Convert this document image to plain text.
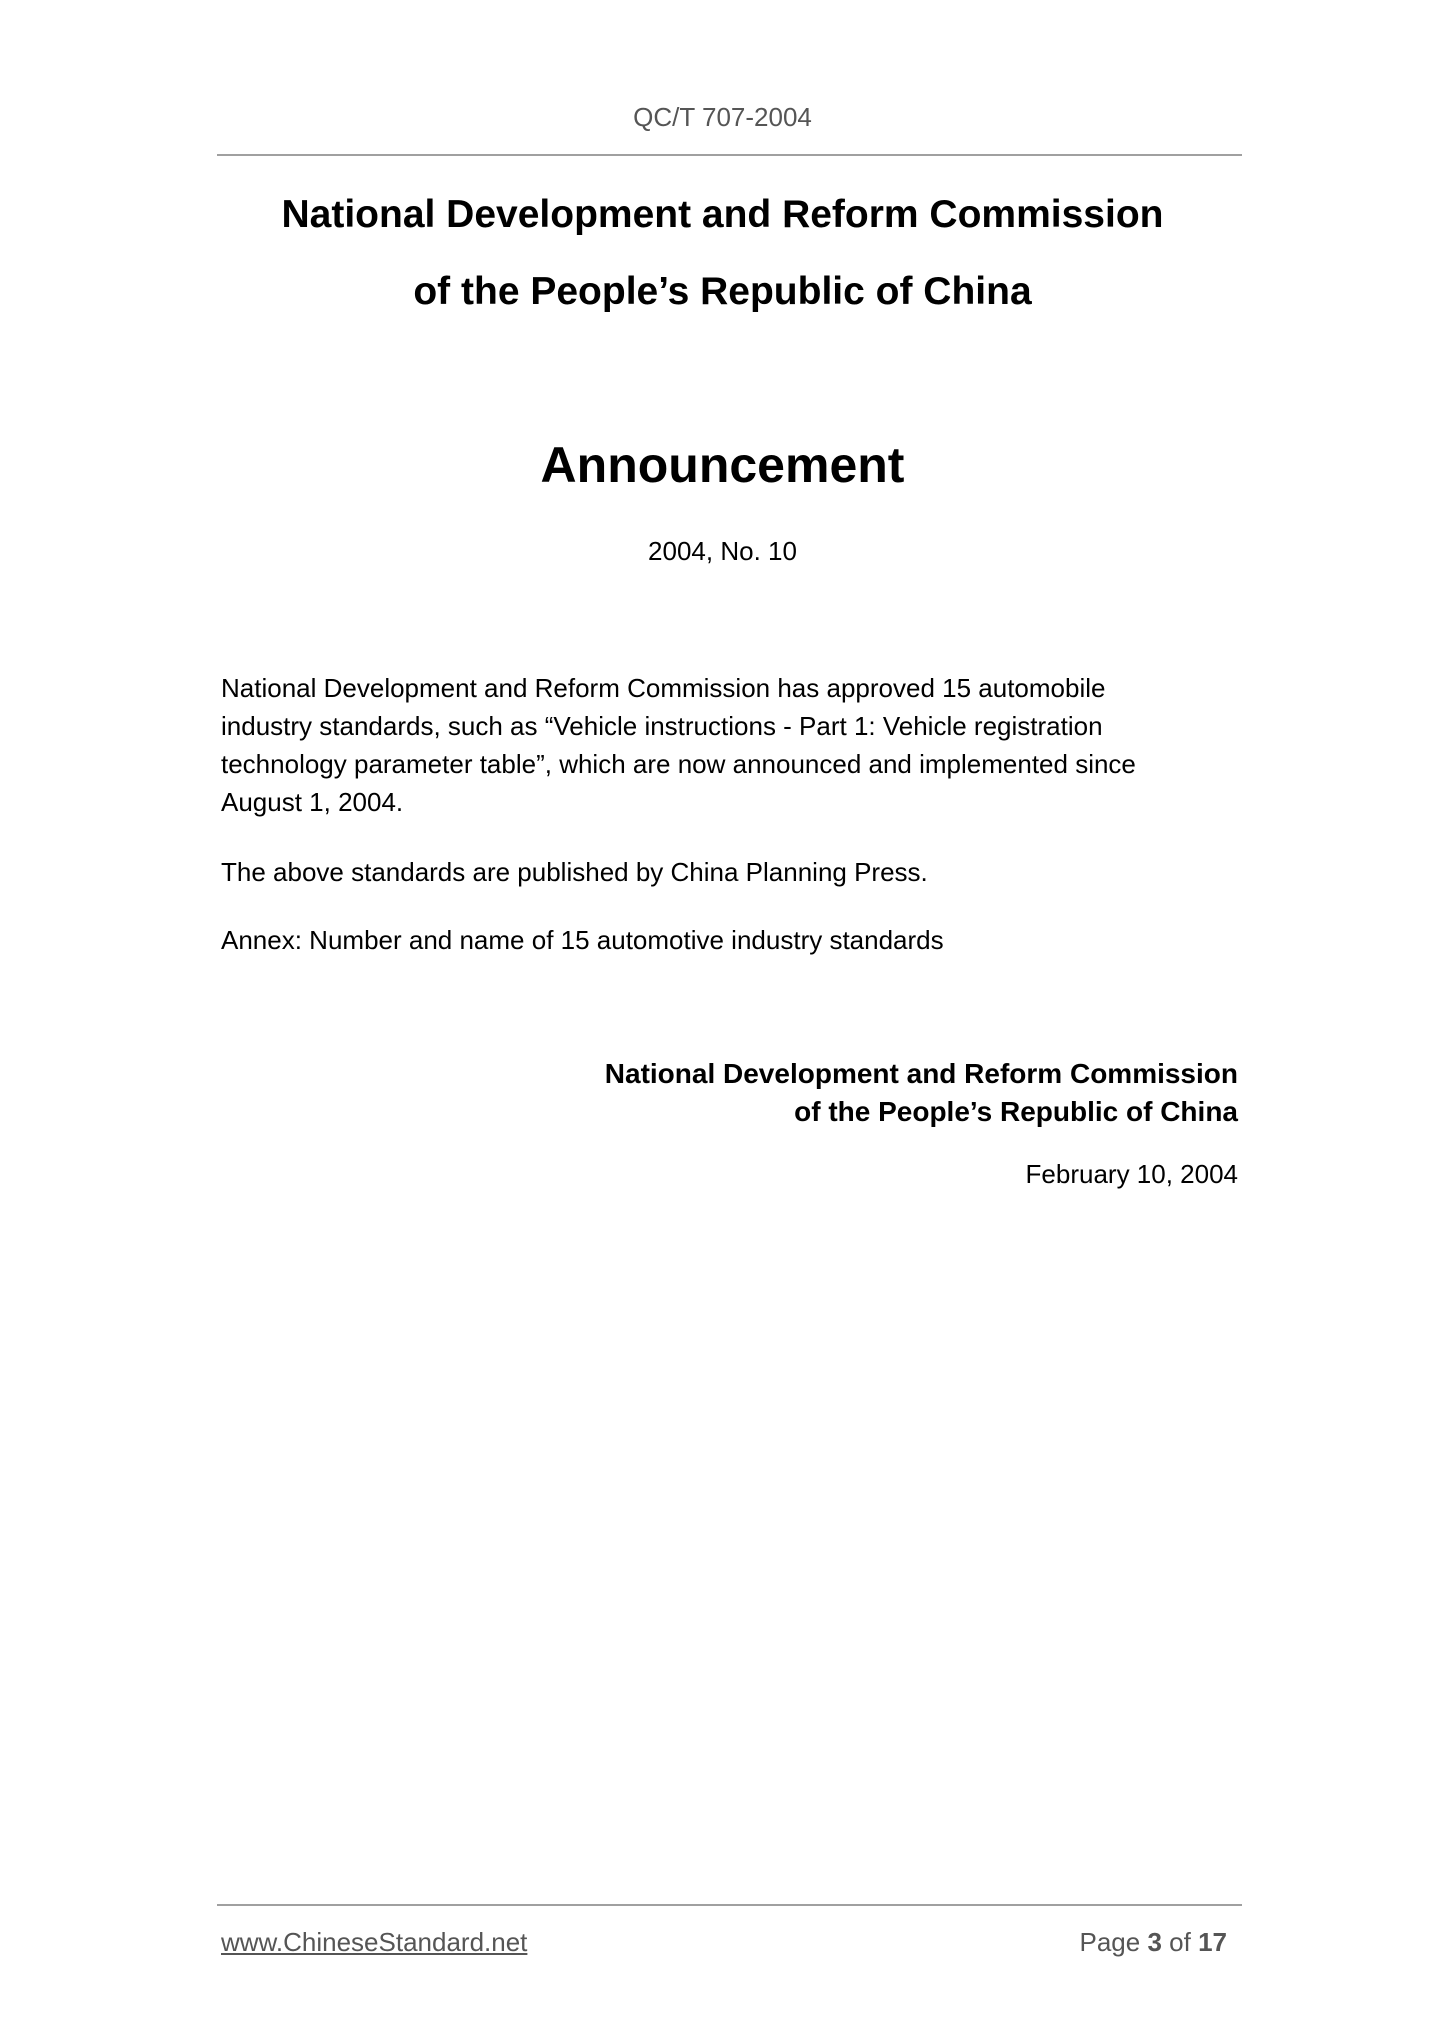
QC/T 707-2004
National Development and Reform Commission
of the People’s Republic of China
Announcement
2004, No. 10
National Development and Reform Commission has approved 15 automobile industry standards, such as “Vehicle instructions - Part 1: Vehicle registration technology parameter table”, which are now announced and implemented since August 1, 2004.
The above standards are published by China Planning Press.
Annex: Number and name of 15 automotive industry standards
National Development and Reform Commission
of the People’s Republic of China
February 10, 2004
www.ChineseStandard.net	Page 3 of 17
